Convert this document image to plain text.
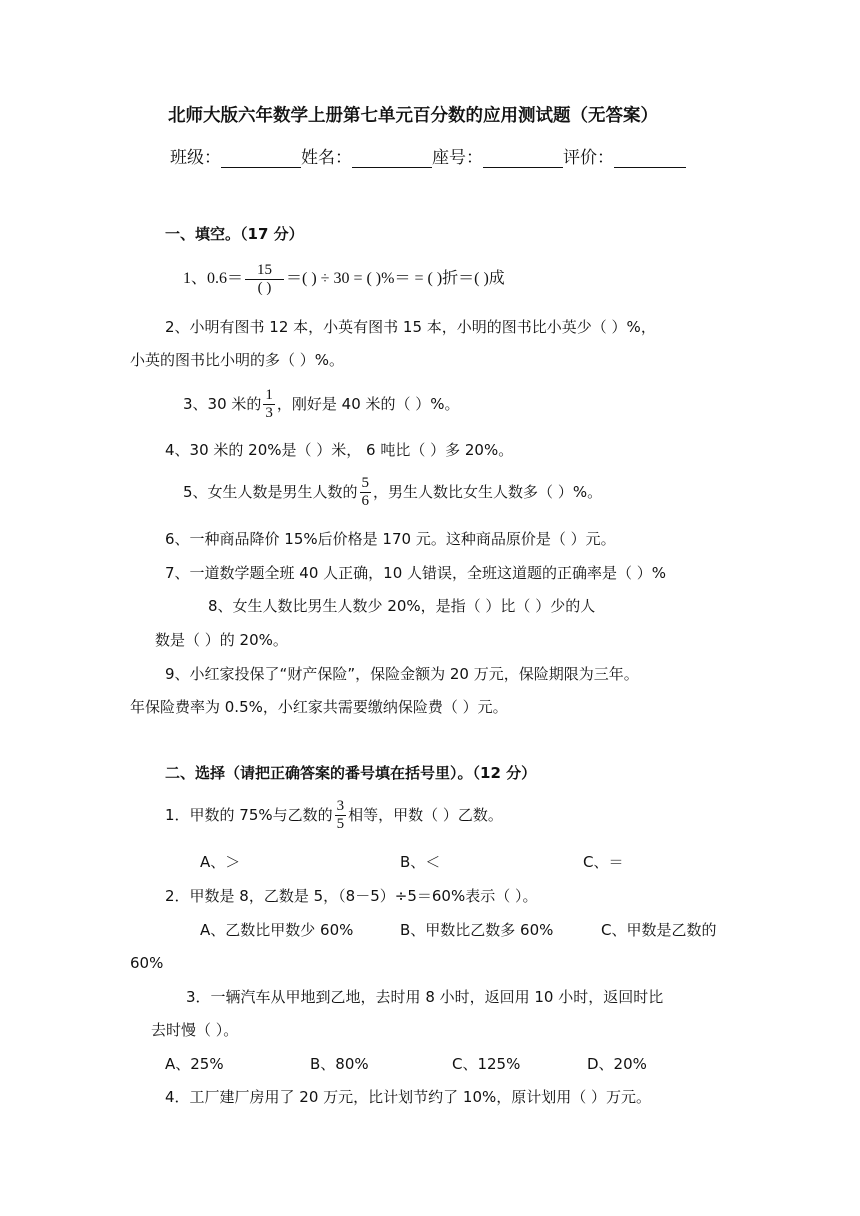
北师大版六年数学上册第七单元百分数的应用测试题（无答案）
班级：	姓名：	座号：	评价：
一、填空。（17 分）
1、$0.6= \frac{15}{( )}$ ＝( ) ÷ 30 = ( )%＝ = ( )折＝( )成
2、小明有图书 12 本，小英有图书 15 本，小明的图书比小英少（ ）%，
小英的图书比小明的多（ ）%。
3、30 米的 $\frac{1}{3}$ ，刚好是 40 米的（ ）%。
4、30 米的 20%是（ ）米， 6 吨比（ ）多 20%。
5、女生人数是男生人数的 $\frac{5}{6}$ ，男生人数比女生人数多（ ）%。
6、一种商品降价 15%后价格是 170 元。这种商品原价是（ ）元。
7、一道数学题全班 40 人正确，10 人错误，全班这道题的正确率是（ ）%
8、女生人数比男生人数少 20%，是指（ ）比（ ）少的人
数是（ ）的 20%。
9、小红家投保了“财产保险”，保险金额为 20 万元，保险期限为三年。
年保险费率为 0.5%，小红家共需要缴纳保险费（ ）元。
二、选择（请把正确答案的番号填在括号里）。（12 分）
1．甲数的 75%与乙数的 $\frac{3}{5}$ 相等，甲数（ ）乙数。
A、＞	B、＜	C、＝
2．甲数是 8，乙数是 5，（8－5）÷5＝60%表示（ ）。
A、乙数比甲数少 60%	B、甲数比乙数多 60%	C、甲数是乙数的
60%
3．一辆汽车从甲地到乙地，去时用 8 小时，返回用 10 小时，返回时比
去时慢（ ）。
A、25%	B、80%	C、125%	D、20%
4．工厂建厂房用了 20 万元，比计划节约了 10%，原计划用（ ）万元。
